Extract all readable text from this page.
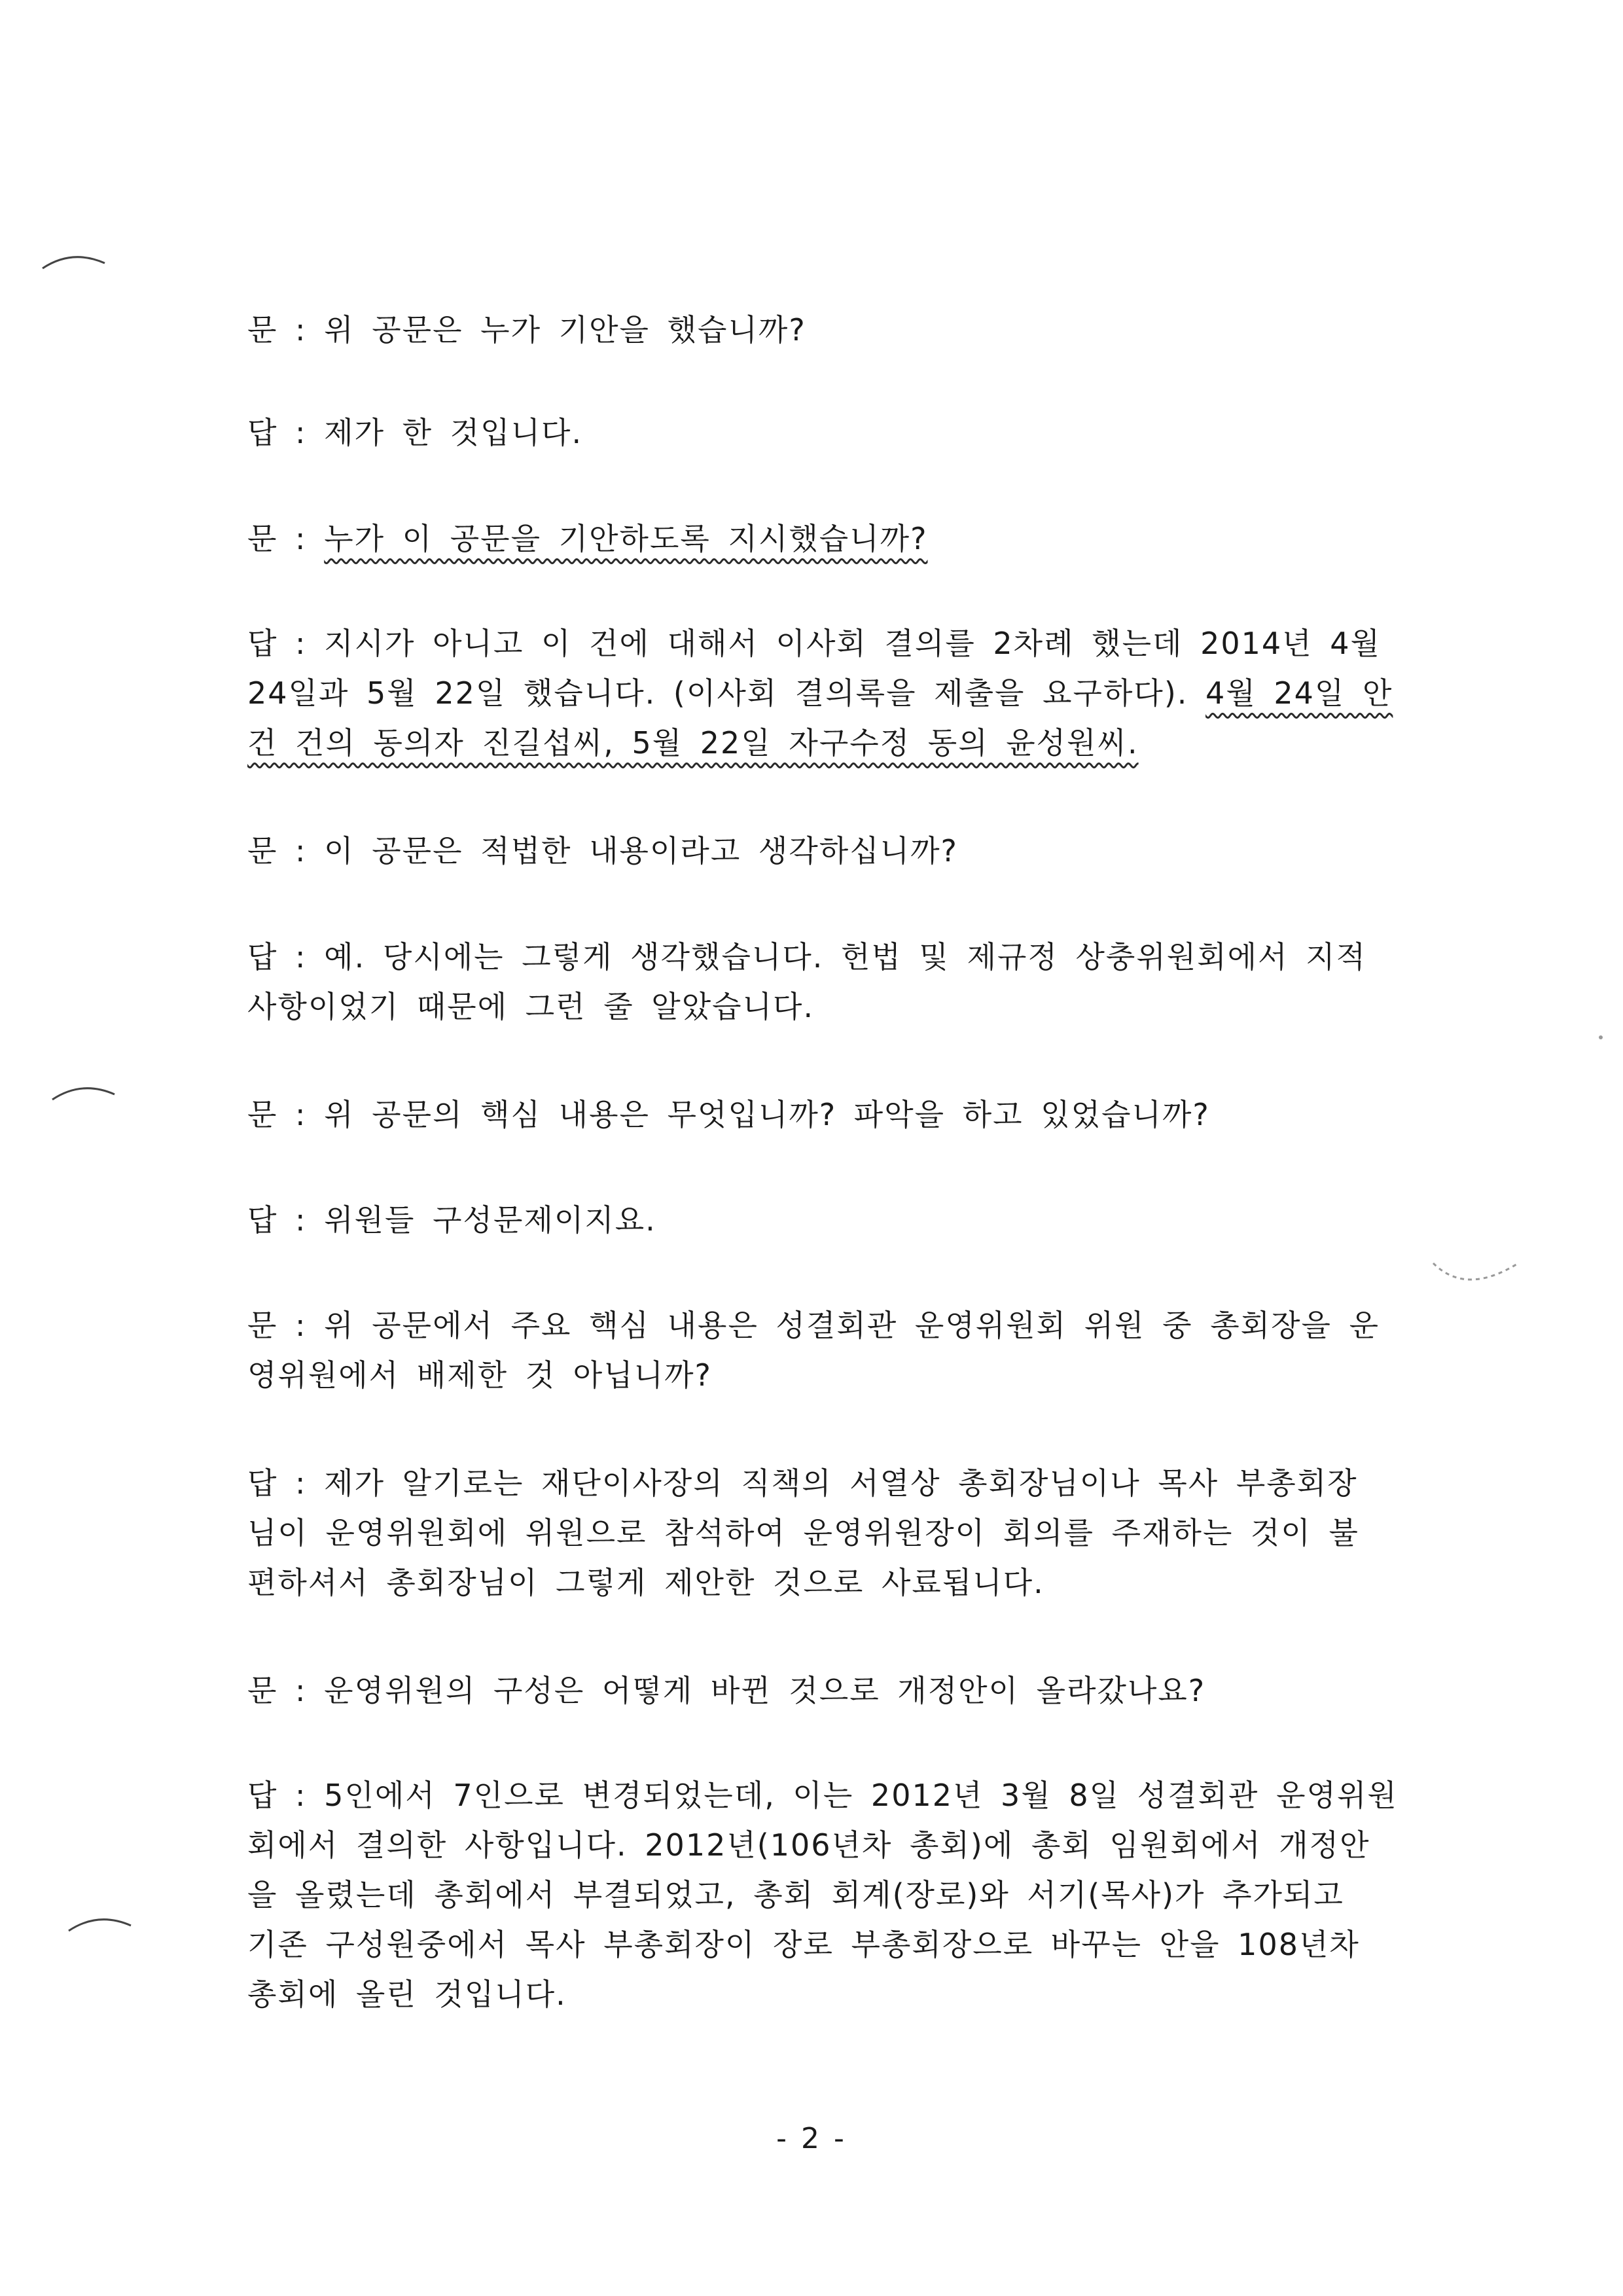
문 : 위 공문은 누가 기안을 했습니까?
답 : 제가 한 것입니다.
문 : 누가 이 공문을 기안하도록 지시했습니까?
답 : 지시가 아니고 이 건에 대해서 이사회 결의를 2차례 했는데 2014년 4월
24일과 5월 22일 했습니다. (이사회 결의록을 제출을 요구하다). 4월 24일 안
건 건의 동의자 진길섭씨, 5월 22일 자구수정 동의 윤성원씨.
문 : 이 공문은 적법한 내용이라고 생각하십니까?
답 : 예. 당시에는 그렇게 생각했습니다. 헌법 및 제규정 상충위원회에서 지적
사항이었기 때문에 그런 줄 알았습니다.
문 : 위 공문의 핵심 내용은 무엇입니까? 파악을 하고 있었습니까?
답 : 위원들 구성문제이지요.
문 : 위 공문에서 주요 핵심 내용은 성결회관 운영위원회 위원 중 총회장을 운
영위원에서 배제한 것 아닙니까?
답 : 제가 알기로는 재단이사장의 직책의 서열상 총회장님이나 목사 부총회장
님이 운영위원회에 위원으로 참석하여 운영위원장이 회의를 주재하는 것이 불
편하셔서 총회장님이 그렇게 제안한 것으로 사료됩니다.
문 : 운영위원의 구성은 어떻게 바뀐 것으로 개정안이 올라갔나요?
답 : 5인에서 7인으로 변경되었는데, 이는 2012년 3월 8일 성결회관 운영위원
회에서 결의한 사항입니다. 2012년(106년차 총회)에 총회 임원회에서 개정안
을 올렸는데 총회에서 부결되었고, 총회 회계(장로)와 서기(목사)가 추가되고
기존 구성원중에서 목사 부총회장이 장로 부총회장으로 바꾸는 안을 108년차
총회에 올린 것입니다.
- 2 -
